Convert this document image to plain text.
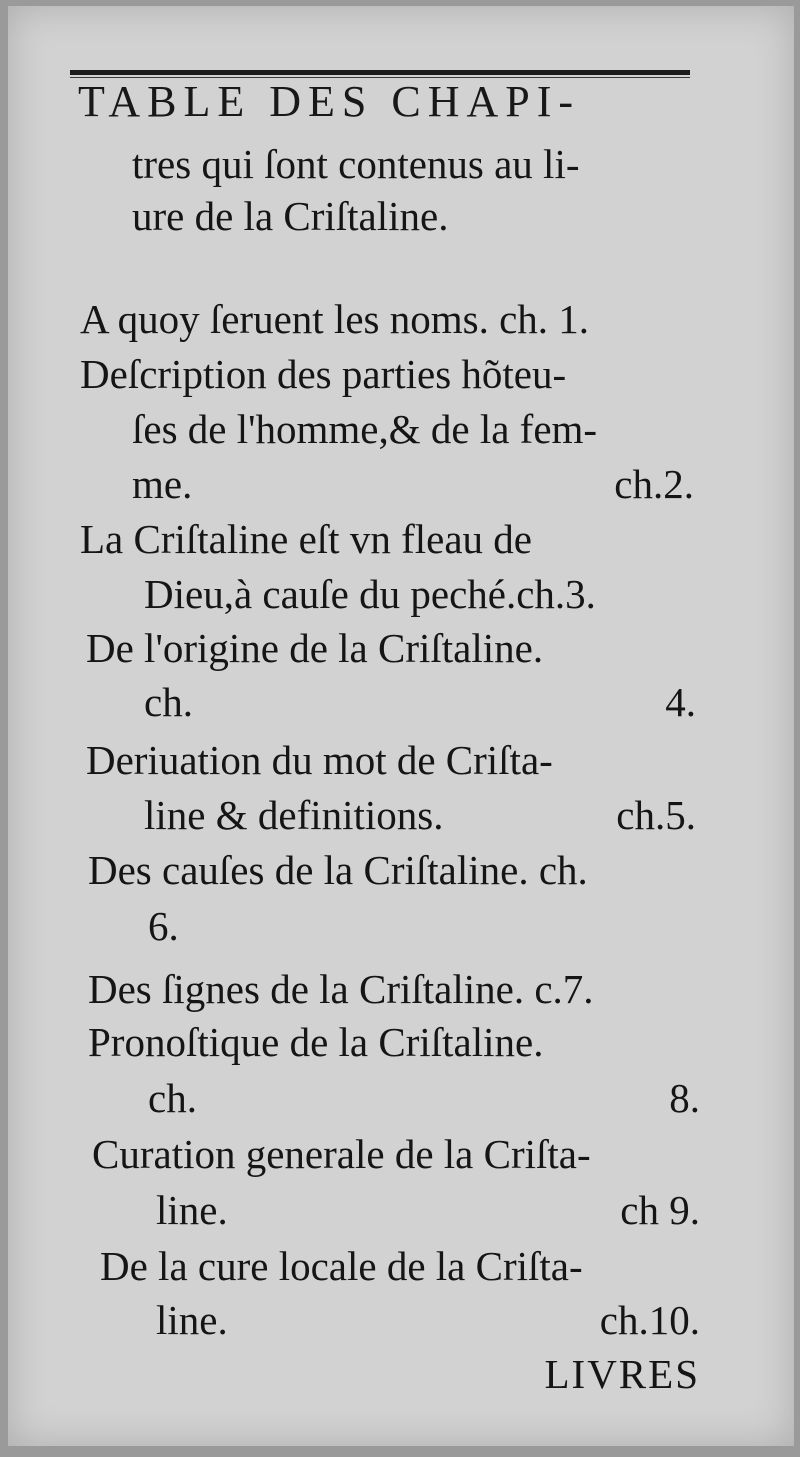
TABLE DES CHAPI-
tres qui ſont contenus au li-
ure de la Criſtaline.
A quoy ſeruent les noms. ch. 1.
Deſcription des parties hõteu-
ſes de l'homme,& de la fem-
me.	ch.2.
La Criſtaline eſt vn fleau de
Dieu,à cauſe du peché.ch.3.
De l'origine de la Criſtaline.
ch.	4.
Deriuation du mot de Criſta-
line & definitions.	ch.5.
Des cauſes de la Criſtaline. ch.
6.
Des ſignes de la Criſtaline. c.7.
Pronoſtique de la Criſtaline.
ch.	8.
Curation generale de la Criſta-
line.	ch 9.
De la cure locale de la Criſta-
line.	ch.10.
LIVRES
